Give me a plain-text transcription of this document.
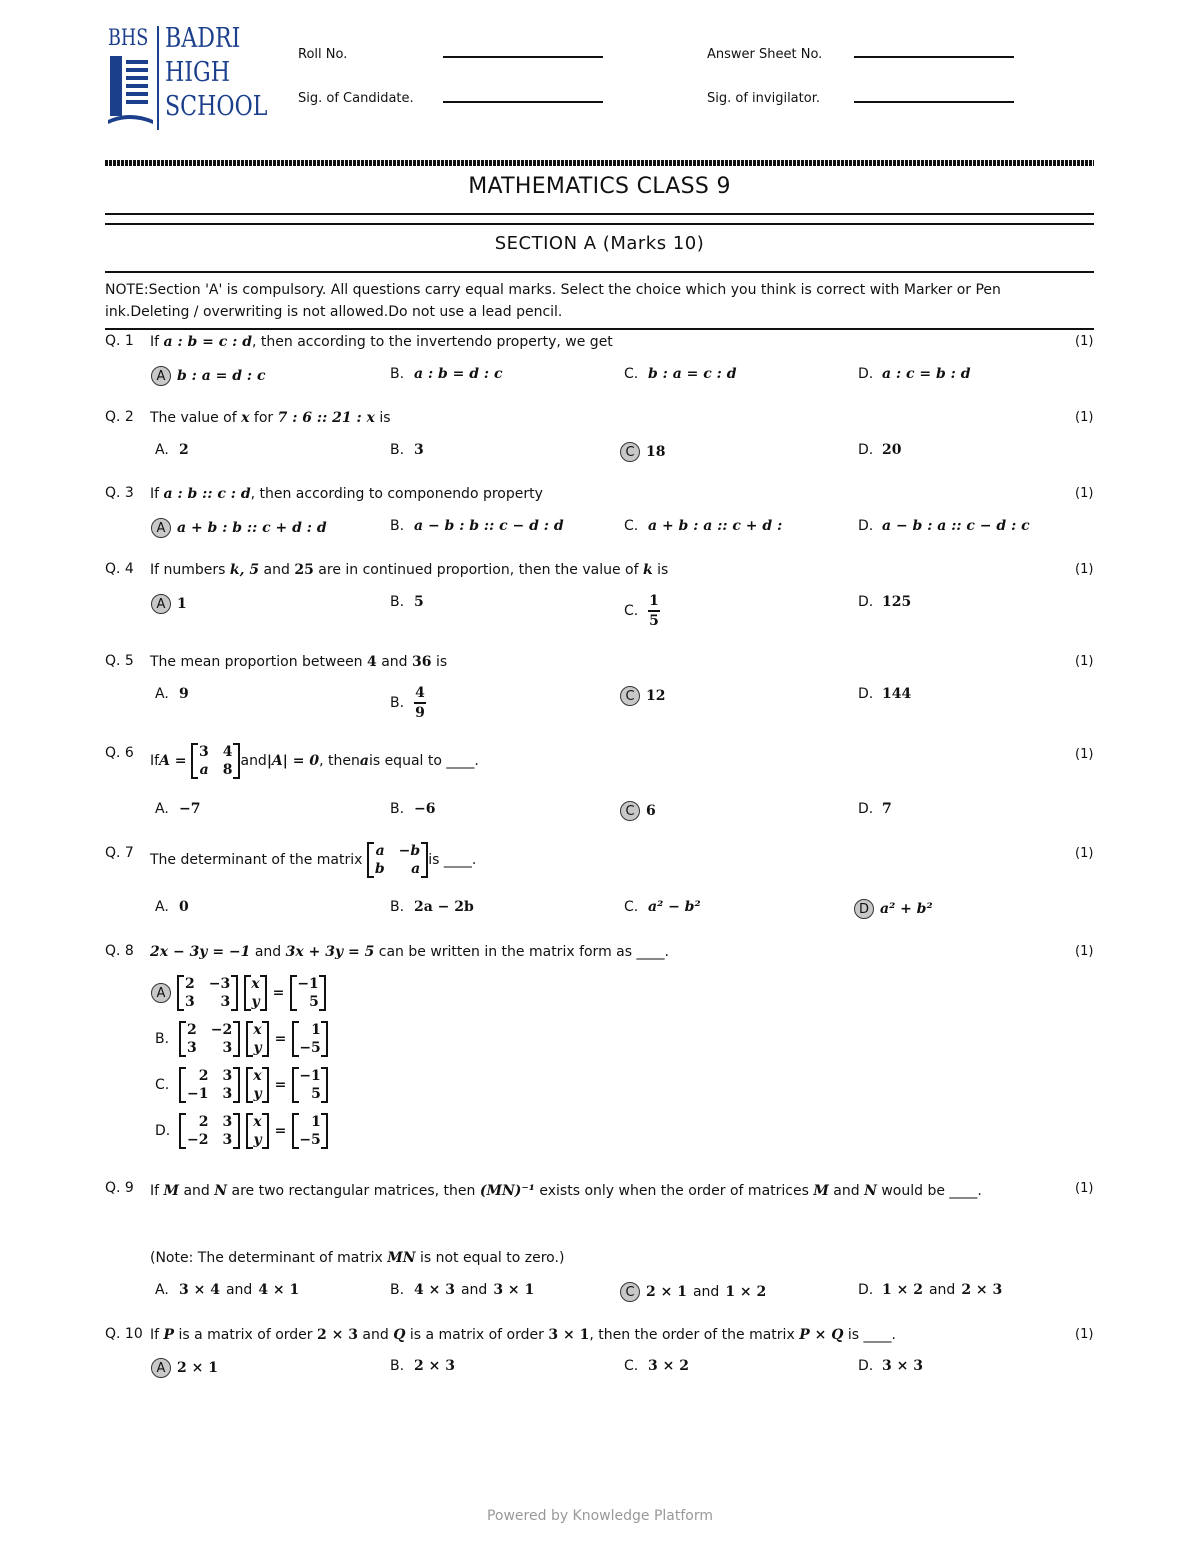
BHS BADRI
HIGH
SCHOOL
Roll No.	Answer Sheet No.
Sig. of Candidate.	Sig. of invigilator.
MATHEMATICS CLASS 9
SECTION A (Marks 10)
NOTE:Section 'A' is compulsory. All questions carry equal marks. Select the choice which you think is correct with Marker or Pen ink.Deleting / overwriting is not allowed.Do not use a lead pencil.
Q. 1 If a : b = c : d, then according to the invertendo property, we get	(1)
A b : a = d : c	B. a : b = d : c	C. b : a = c : d	D. a : c = b : d
Q. 2 The value of x for 7 : 6 :: 21 : x is	(1)
A. 2	B. 3	C 18	D. 20
Q. 3 If a : b :: c : d, then according to componendo property	(1)
A a + b : b :: c + d : d	B. a − b : b :: c − d : d	C. a + b : a :: c + d :	D. a − b : a :: c − d : c
Q. 4 If numbers k, 5 and 25 are in continued proportion, then the value of k is	(1)
A 1	B. 5
C. $\frac{1}{5}$	D. 125
Q. 5 The mean proportion between 4 and 36 is	(1)
A. 9
B. $\frac{4}{9}$	C 12	D. 144
Q. 6 If A =

3 4
a 8
and |A| = 0 , then a is equal to ____.	(1)
A. −7	B. −6	C 6	D. 7
Q. 7 The determinant of the matrix

a −b
b	a
is ____.	(1)
A. 0	B. 2a − 2b	C. a² − b²	D a² + b²
Q. 8 2x − 3y = −1 and 3x + 3y = 5 can be written in the matrix form as ____.	(1)
A
2 −3
3	3
x
y
=
−1
5
B.
2 −2
3	3
x
y
=
1
−5
C.
2 3
−1 3
x
y
=
−1
5
D.
2 3
−2 3
x
y
=
1
−5
Q. 9 If M and N are two rectangular matrices, then (MN)⁻¹ exists only when the order of matrices M and N would be ____.	(1)
(Note: The determinant of matrix MN is not equal to zero.)
A. 3 × 4 and 4 × 1	B. 4 × 3 and 3 × 1	C 2 × 1 and 1 × 2	D. 1 × 2 and 2 × 3
Q. 10 If P is a matrix of order 2 × 3 and Q is a matrix of order 3 × 1, then the order of the matrix P × Q is ____.	(1)
A 2 × 1	B. 2 × 3	C. 3 × 2	D. 3 × 3
Powered by Knowledge Platform
